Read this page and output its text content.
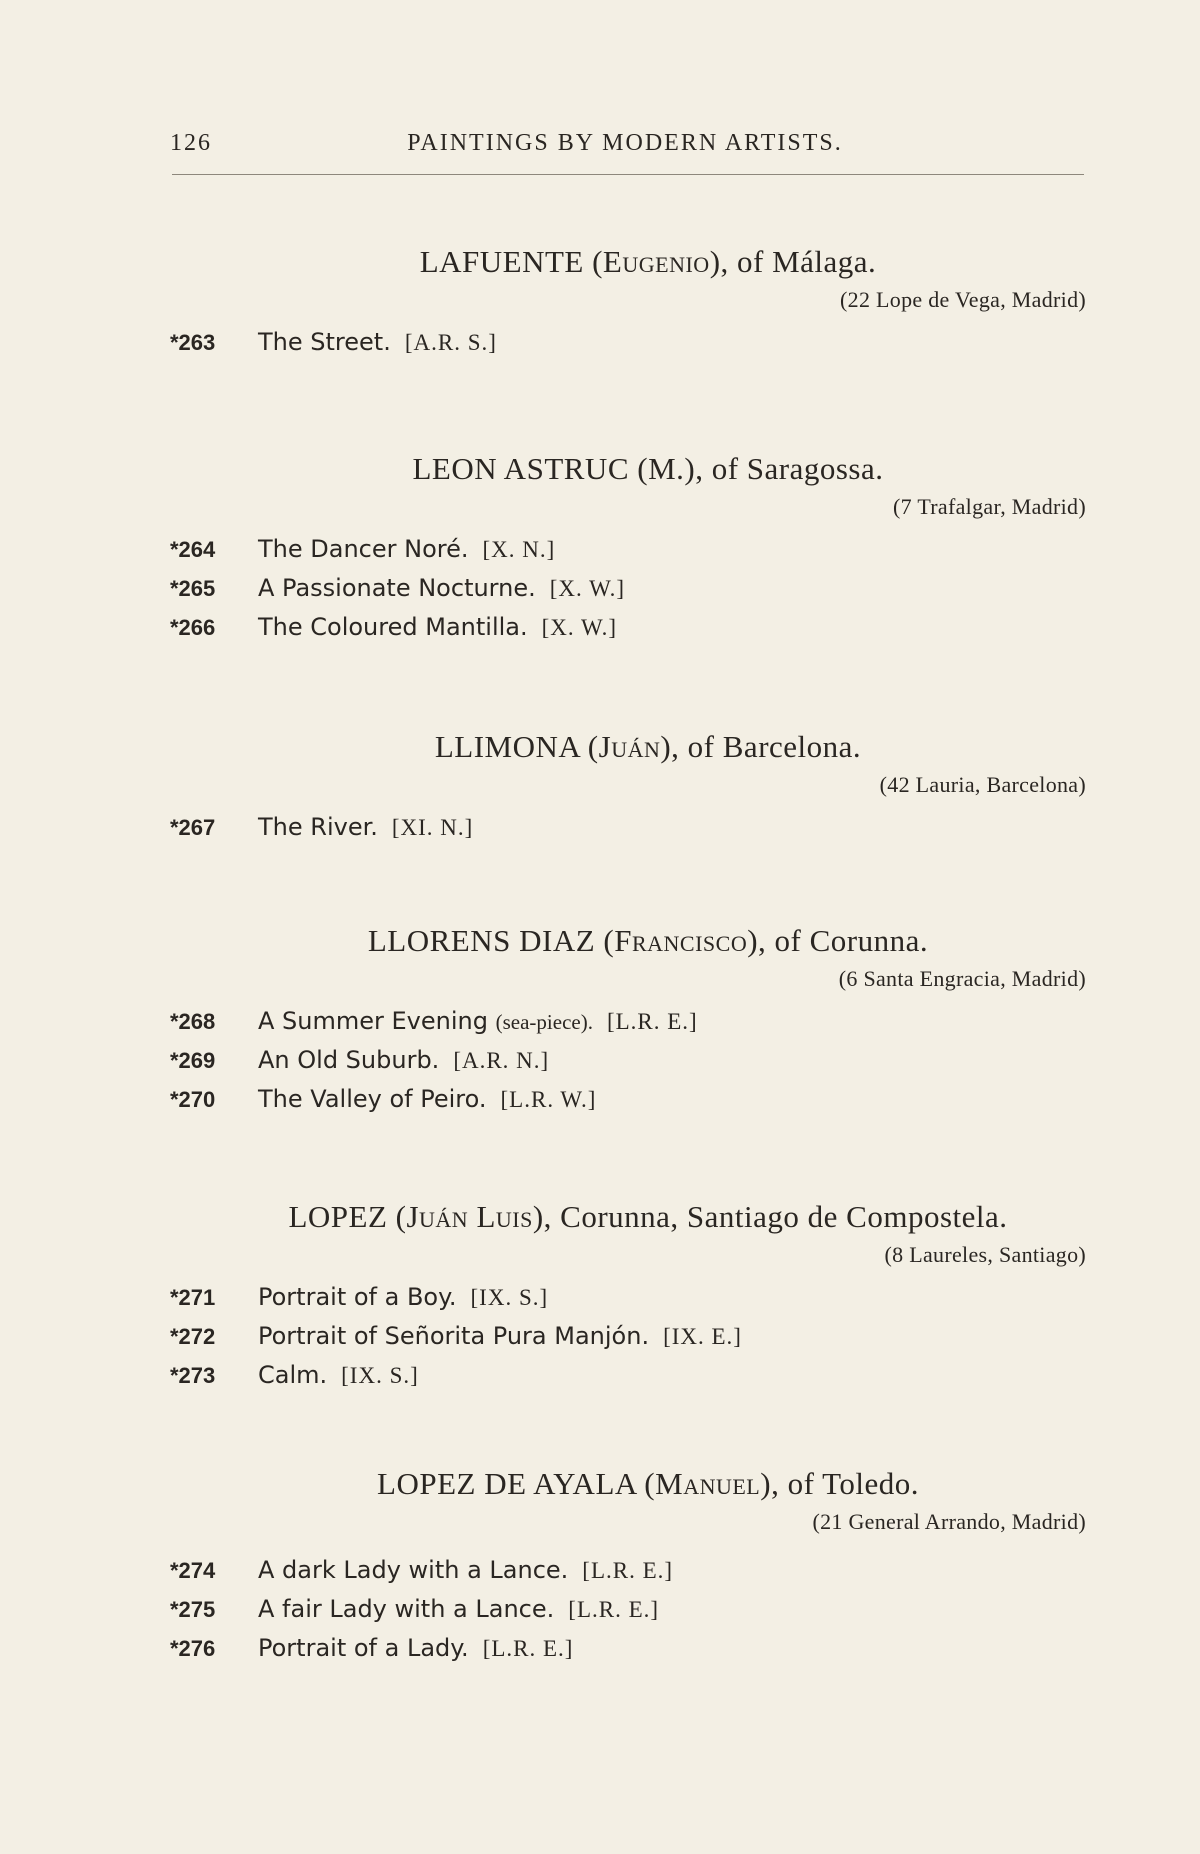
126	PAINTINGS BY MODERN ARTISTS.
LAFUENTE (Eugenio), of Málaga.
(22 Lope de Vega, Madrid)
*263 The Street. [A.R. S.]
LEON ASTRUC (M.), of Saragossa.
(7 Trafalgar, Madrid)
*264 The Dancer Noré. [X. N.]
*265 A Passionate Nocturne. [X. W.]
*266 The Coloured Mantilla. [X. W.]
LLIMONA (Juán), of Barcelona.
(42 Lauria, Barcelona)
*267 The River. [XI. N.]
LLORENS DIAZ (Francisco), of Corunna.
(6 Santa Engracia, Madrid)
*268 A Summer Evening (sea-piece). [L.R. E.]
*269 An Old Suburb. [A.R. N.]
*270 The Valley of Peiro. [L.R. W.]
LOPEZ (Juán Luis), Corunna, Santiago de Compostela.
(8 Laureles, Santiago)
*271 Portrait of a Boy. [IX. S.]
*272 Portrait of Señorita Pura Manjón. [IX. E.]
*273 Calm. [IX. S.]
LOPEZ DE AYALA (Manuel), of Toledo.
(21 General Arrando, Madrid)
*274 A dark Lady with a Lance. [L.R. E.]
*275 A fair Lady with a Lance. [L.R. E.]
*276 Portrait of a Lady. [L.R. E.]
